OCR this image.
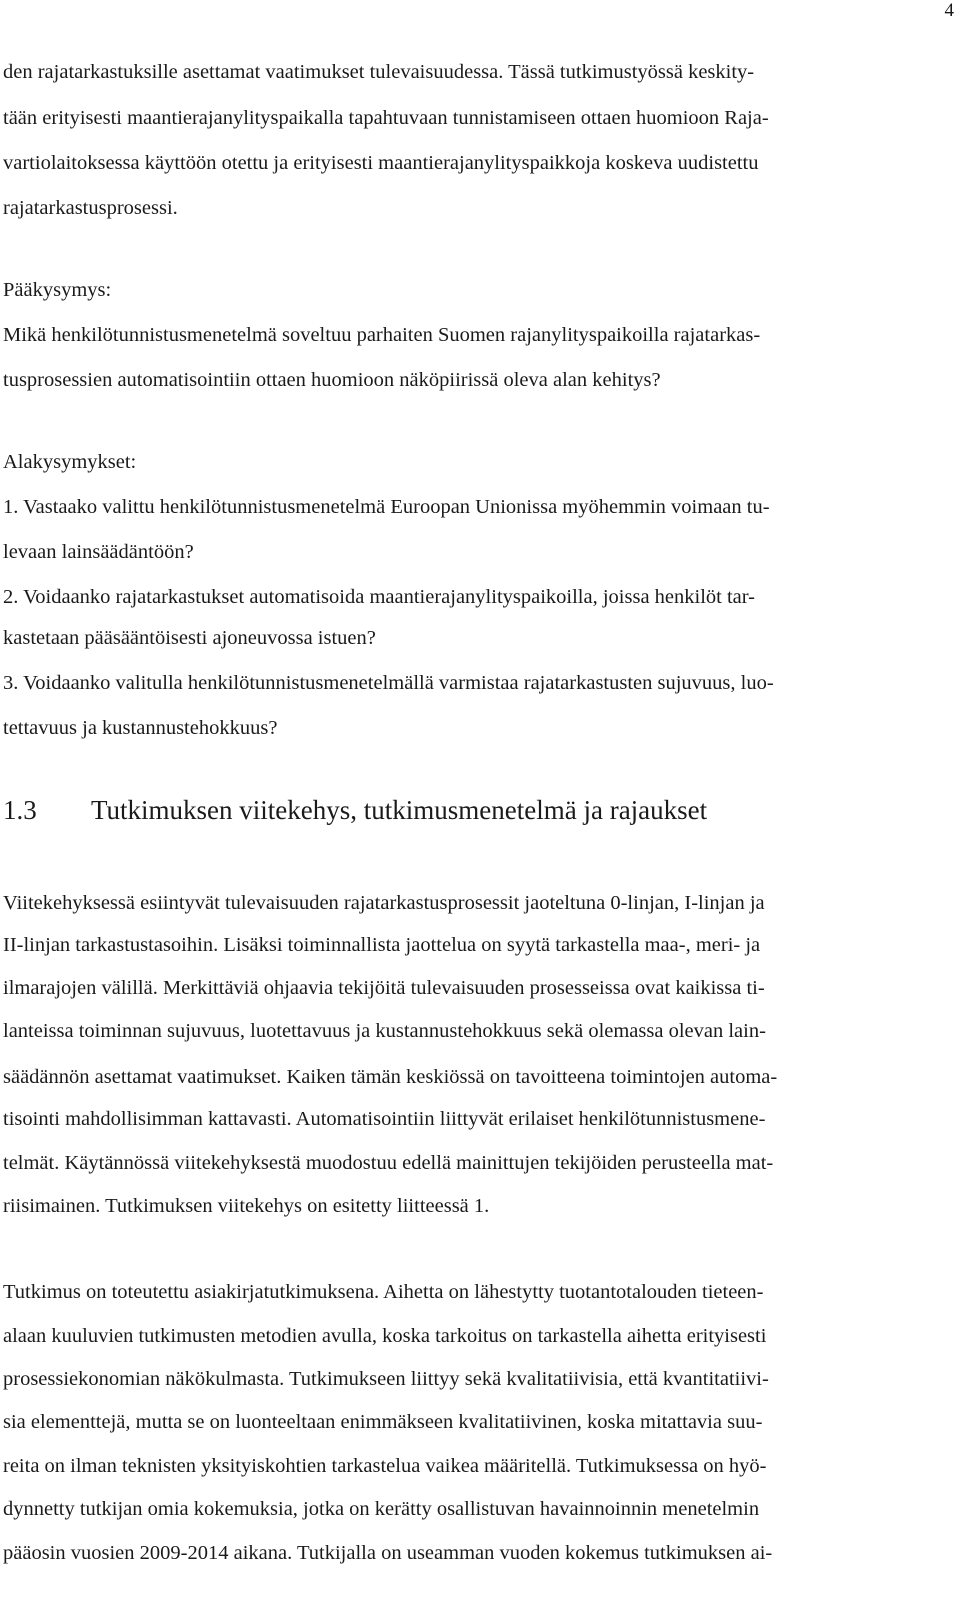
4

den rajatarkastuksille asettamat vaatimukset tulevaisuudessa. Tässä tutkimustyössä keskity-

tään erityisesti maantierajanylityspaikalla tapahtuvaan tunnistamiseen ottaen huomioon Raja-

vartiolaitoksessa käyttöön otettu ja erityisesti maantierajanylityspaikkoja koskeva uudistettu

rajatarkastusprosessi.

Pääkysymys:

Mikä henkilötunnistusmenetelmä soveltuu parhaiten Suomen rajanylityspaikoilla rajatarkas-

tusprosessien automatisointiin ottaen huomioon näköpiirissä oleva alan kehitys?

Alakysymykset:

1. Vastaako valittu henkilötunnistusmenetelmä Euroopan Unionissa myöhemmin voimaan tu-

levaan lainsäädäntöön?

2. Voidaanko rajatarkastukset automatisoida maantierajanylityspaikoilla, joissa henkilöt tar-

kastetaan pääsääntöisesti ajoneuvossa istuen?

3. Voidaanko valitulla henkilötunnistusmenetelmällä varmistaa rajatarkastusten sujuvuus, luo-

tettavuus ja kustannustehokkuus?

1.3 Tutkimuksen viitekehys, tutkimusmenetelmä ja rajaukset

Viitekehyksessä esiintyvät tulevaisuuden rajatarkastusprosessit jaoteltuna 0-linjan, I-linjan ja

II-linjan tarkastustasoihin. Lisäksi toiminnallista jaottelua on syytä tarkastella maa-, meri- ja

ilmarajojen välillä. Merkittäviä ohjaavia tekijöitä tulevaisuuden prosesseissa ovat kaikissa ti-

lanteissa toiminnan sujuvuus, luotettavuus ja kustannustehokkuus sekä olemassa olevan lain-

säädännön asettamat vaatimukset. Kaiken tämän keskiössä on tavoitteena toimintojen automa-

tisointi mahdollisimman kattavasti. Automatisointiin liittyvät erilaiset henkilötunnistusmene-

telmät. Käytännössä viitekehyksestä muodostuu edellä mainittujen tekijöiden perusteella mat-

riisimainen. Tutkimuksen viitekehys on esitetty liitteessä 1.

Tutkimus on toteutettu asiakirjatutkimuksena. Aihetta on lähestytty tuotantotalouden tieteen-

alaan kuuluvien tutkimusten metodien avulla, koska tarkoitus on tarkastella aihetta erityisesti

prosessiekonomian näkökulmasta. Tutkimukseen liittyy sekä kvalitatiivisia, että kvantitatiivi-

sia elementtejä, mutta se on luonteeltaan enimmäkseen kvalitatiivinen, koska mitattavia suu-

reita on ilman teknisten yksityiskohtien tarkastelua vaikea määritellä. Tutkimuksessa on hyö-

dynnetty tutkijan omia kokemuksia, jotka on kerätty osallistuvan havainnoinnin menetelmin

pääosin vuosien 2009-2014 aikana. Tutkijalla on useamman vuoden kokemus tutkimuksen ai-
